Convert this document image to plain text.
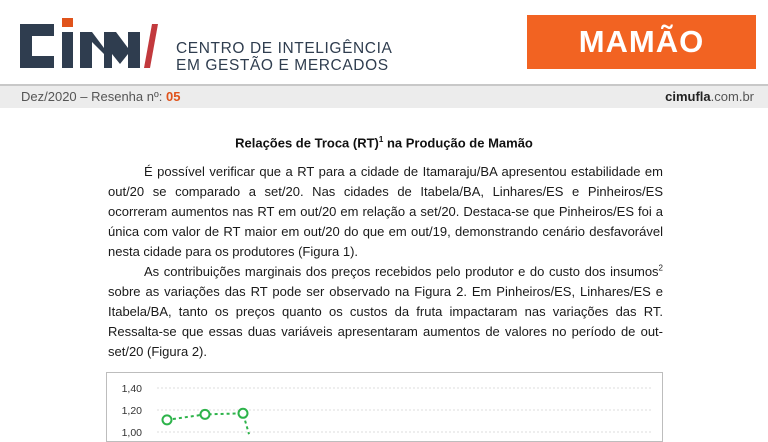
CENTRO DE INTELIGÊNCIA
EM GESTÃO E MERCADOS
MAMÃO
Dez/2020 – Resenha nº: 05	cimufla.com.br
Relações de Troca (RT)$^1$ na Produção de Mamão

É possível verificar que a RT para a cidade de Itamaraju/BA apresentou estabilidade em out/20 se comparado a set/20. Nas cidades de Itabela/BA, Linhares/ES e Pinheiros/ES ocorreram aumentos nas RT em out/20 em relação a set/20. Destaca-se que Pinheiros/ES foi a única com valor de RT maior em out/20 do que em out/19, demonstrando cenário desfavorável nesta cidade para os produtores (Figura 1).

As contribuições marginais dos preços recebidos pelo produtor e do custo dos insumos$^2$ sobre as variações das RT pode ser observado na Figura 2. Em Pinheiros/ES, Linhares/ES e Itabela/BA, tanto os preços quanto os custos da fruta impactaram nas variações das RT. Ressalta-se que essas duas variáveis apresentaram aumentos de valores no período de out-set/20 (Figura 2).

1,40
1,20
1,00
